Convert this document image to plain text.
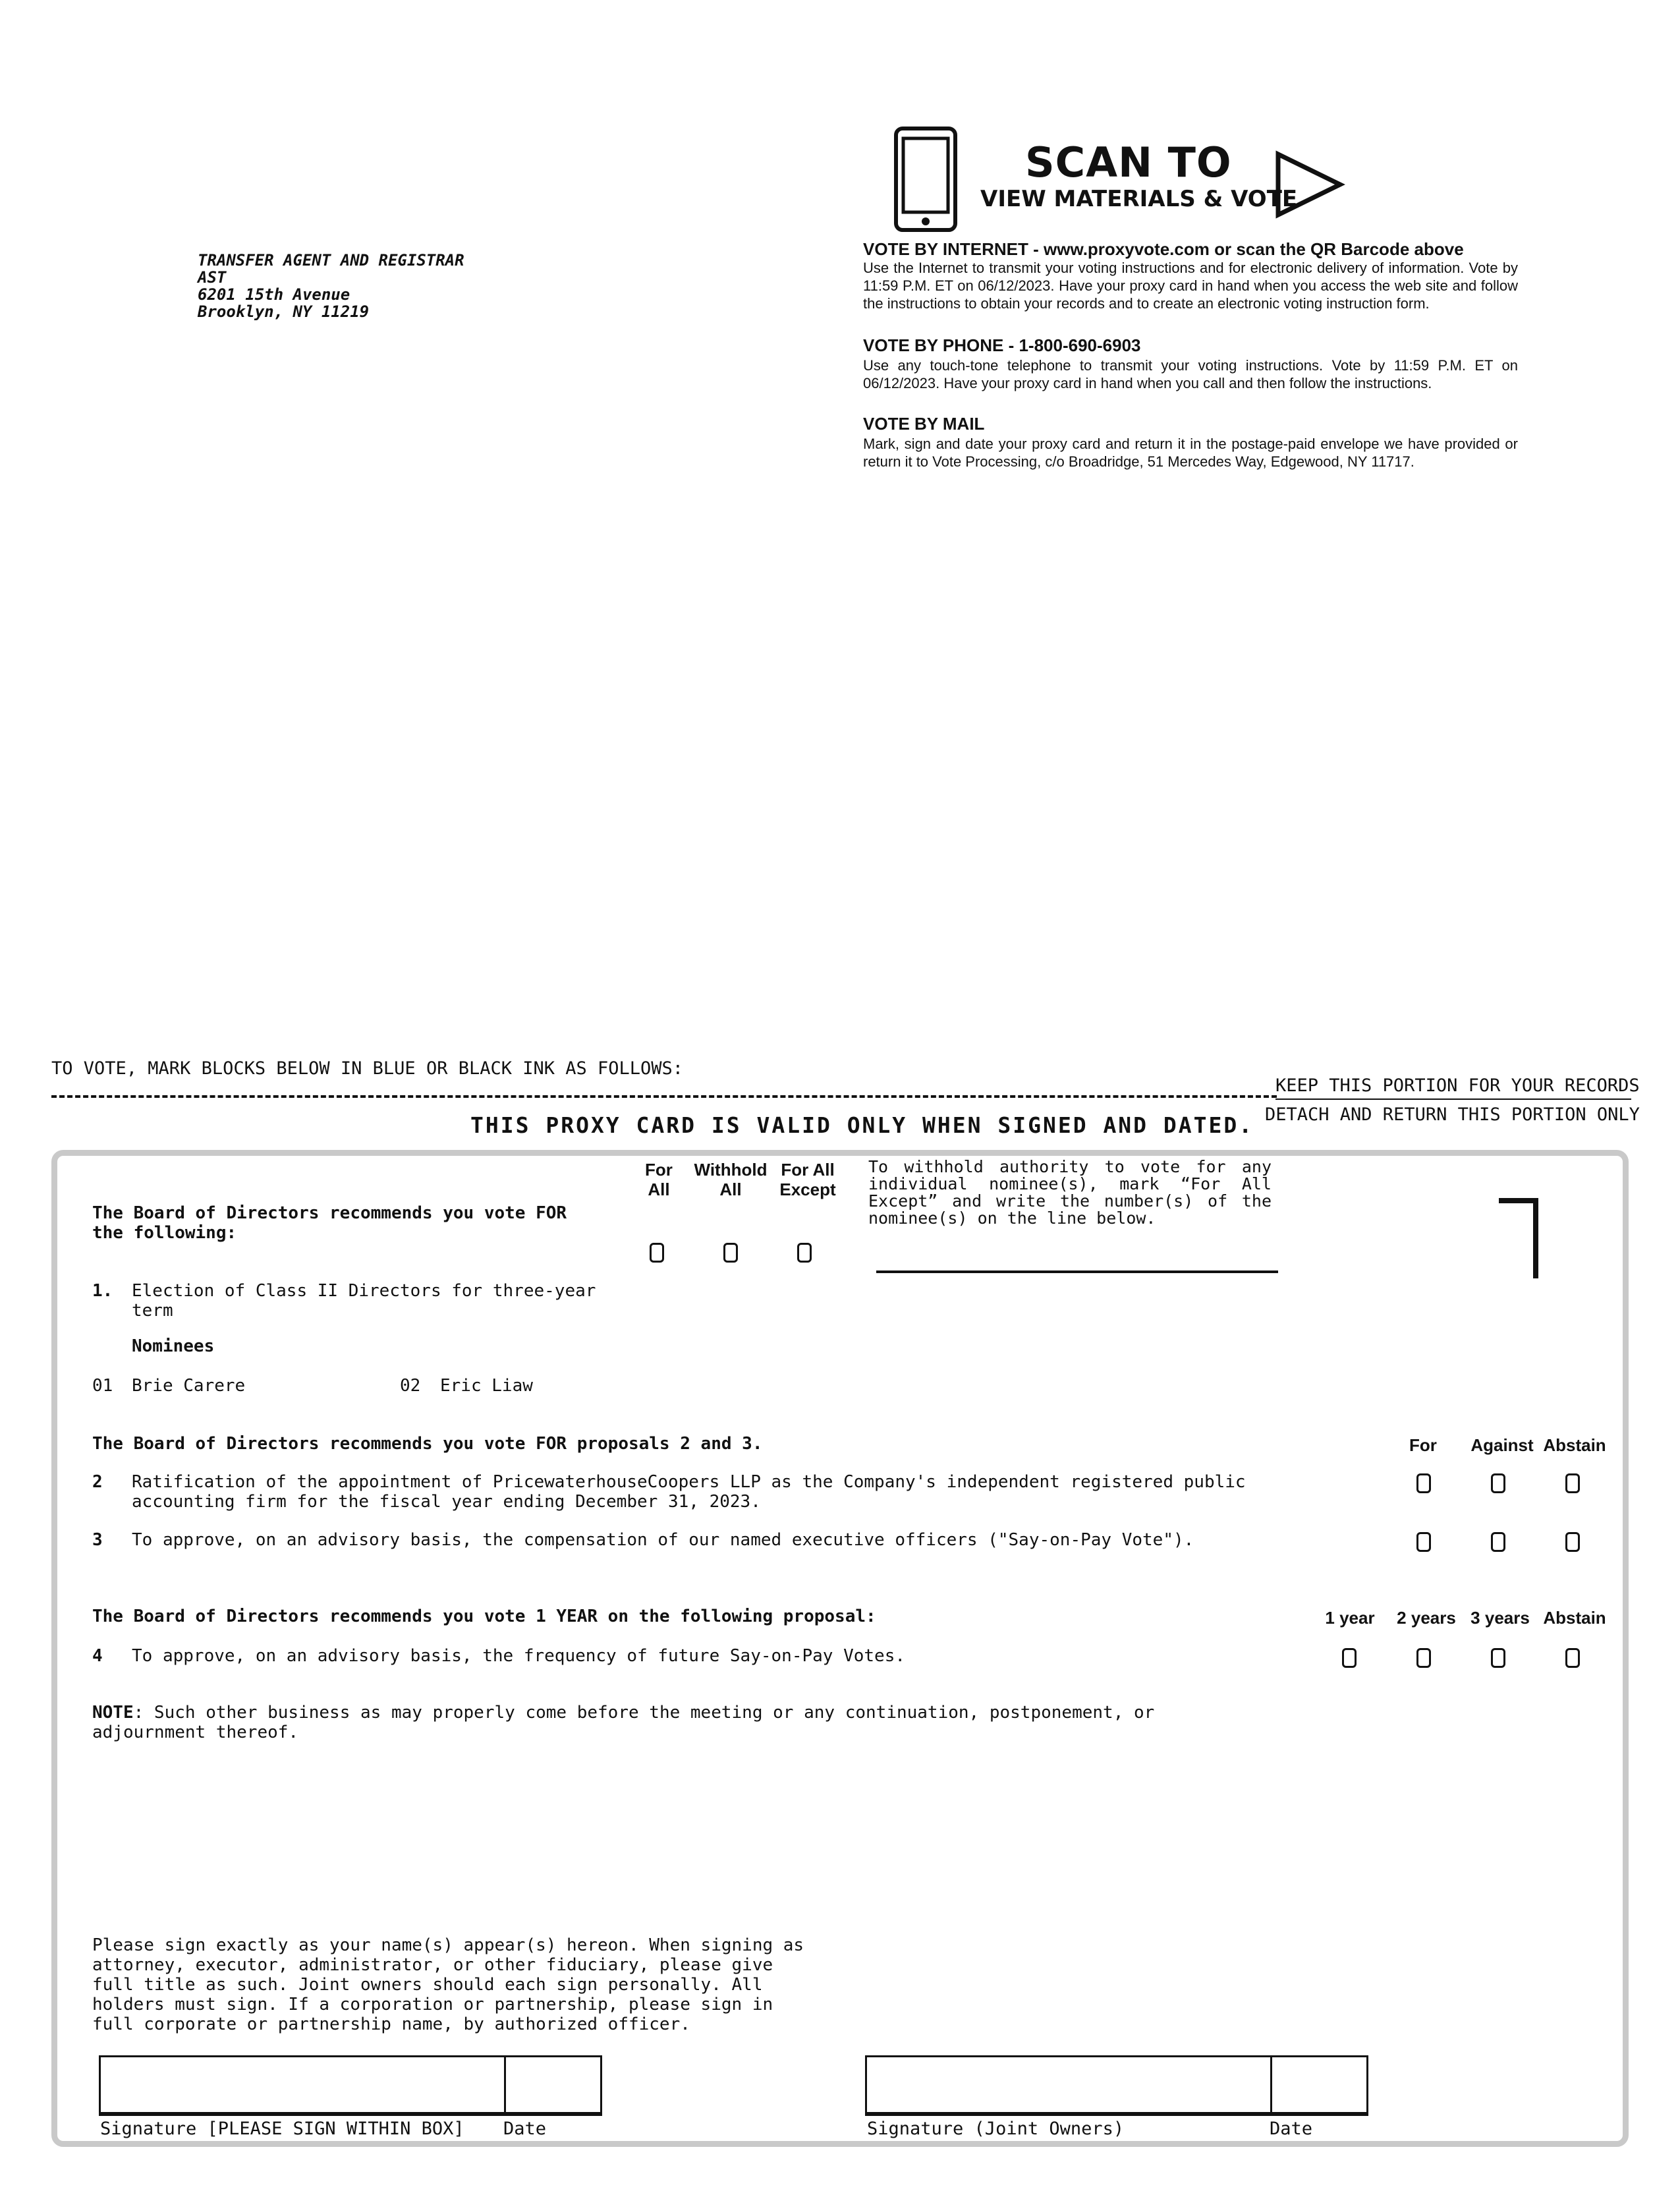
TRANSFER AGENT AND REGISTRAR
AST
6201 15th Avenue
Brooklyn, NY 11219
SCAN TO
VIEW MATERIALS & VOTE
VOTE BY INTERNET - www.proxyvote.com or scan the QR Barcode above
Use the Internet to transmit your voting instructions and for electronic delivery of information. Vote by 11:59 P.M. ET on 06/12/2023. Have your proxy card in hand when you access the web site and follow the instructions to obtain your records and to create an electronic voting instruction form.
VOTE BY PHONE - 1-800-690-6903
Use any touch-tone telephone to transmit your voting instructions. Vote by 11:59 P.M. ET on 06/12/2023. Have your proxy card in hand when you call and then follow the instructions.
VOTE BY MAIL
Mark, sign and date your proxy card and return it in the postage-paid envelope we have provided or return it to Vote Processing, c/o Broadridge, 51 Mercedes Way, Edgewood, NY 11717.
TO VOTE, MARK BLOCKS BELOW IN BLUE OR BLACK INK AS FOLLOWS:
KEEP THIS PORTION FOR YOUR RECORDS
DETACH AND RETURN THIS PORTION ONLY
THIS PROXY CARD IS VALID ONLY WHEN SIGNED AND DATED.
For
All
Withhold
All
For All
Except
To withhold authority to vote for any individual nominee(s), mark “For All Except” and write the number(s) of the nominee(s) on the line below.
The Board of Directors recommends you vote FOR
the following:
1. Election of Class II Directors for three-year
term
Nominees
01 Brie Carere	02 Eric Liaw
The Board of Directors recommends you vote FOR proposals 2 and 3.	For	Against Abstain
2 Ratification of the appointment of PricewaterhouseCoopers LLP as the Company's independent registered public
accounting firm for the fiscal year ending December 31, 2023.
3 To approve, on an advisory basis, the compensation of our named executive officers ("Say-on-Pay Vote").
The Board of Directors recommends you vote 1 YEAR on the following proposal:	1 year	2 years 3 years Abstain
4 To approve, on an advisory basis, the frequency of future Say-on-Pay Votes.
NOTE: Such other business as may properly come before the meeting or any continuation, postponement, or
adjournment thereof.
Please sign exactly as your name(s) appear(s) hereon. When signing as attorney, executor, administrator, or other fiduciary, please give full title as such. Joint owners should each sign personally. All holders must sign. If a corporation or partnership, please sign in full corporate or partnership name, by authorized officer.
Signature [PLEASE SIGN WITHIN BOX] Date	Signature (Joint Owners)	Date
